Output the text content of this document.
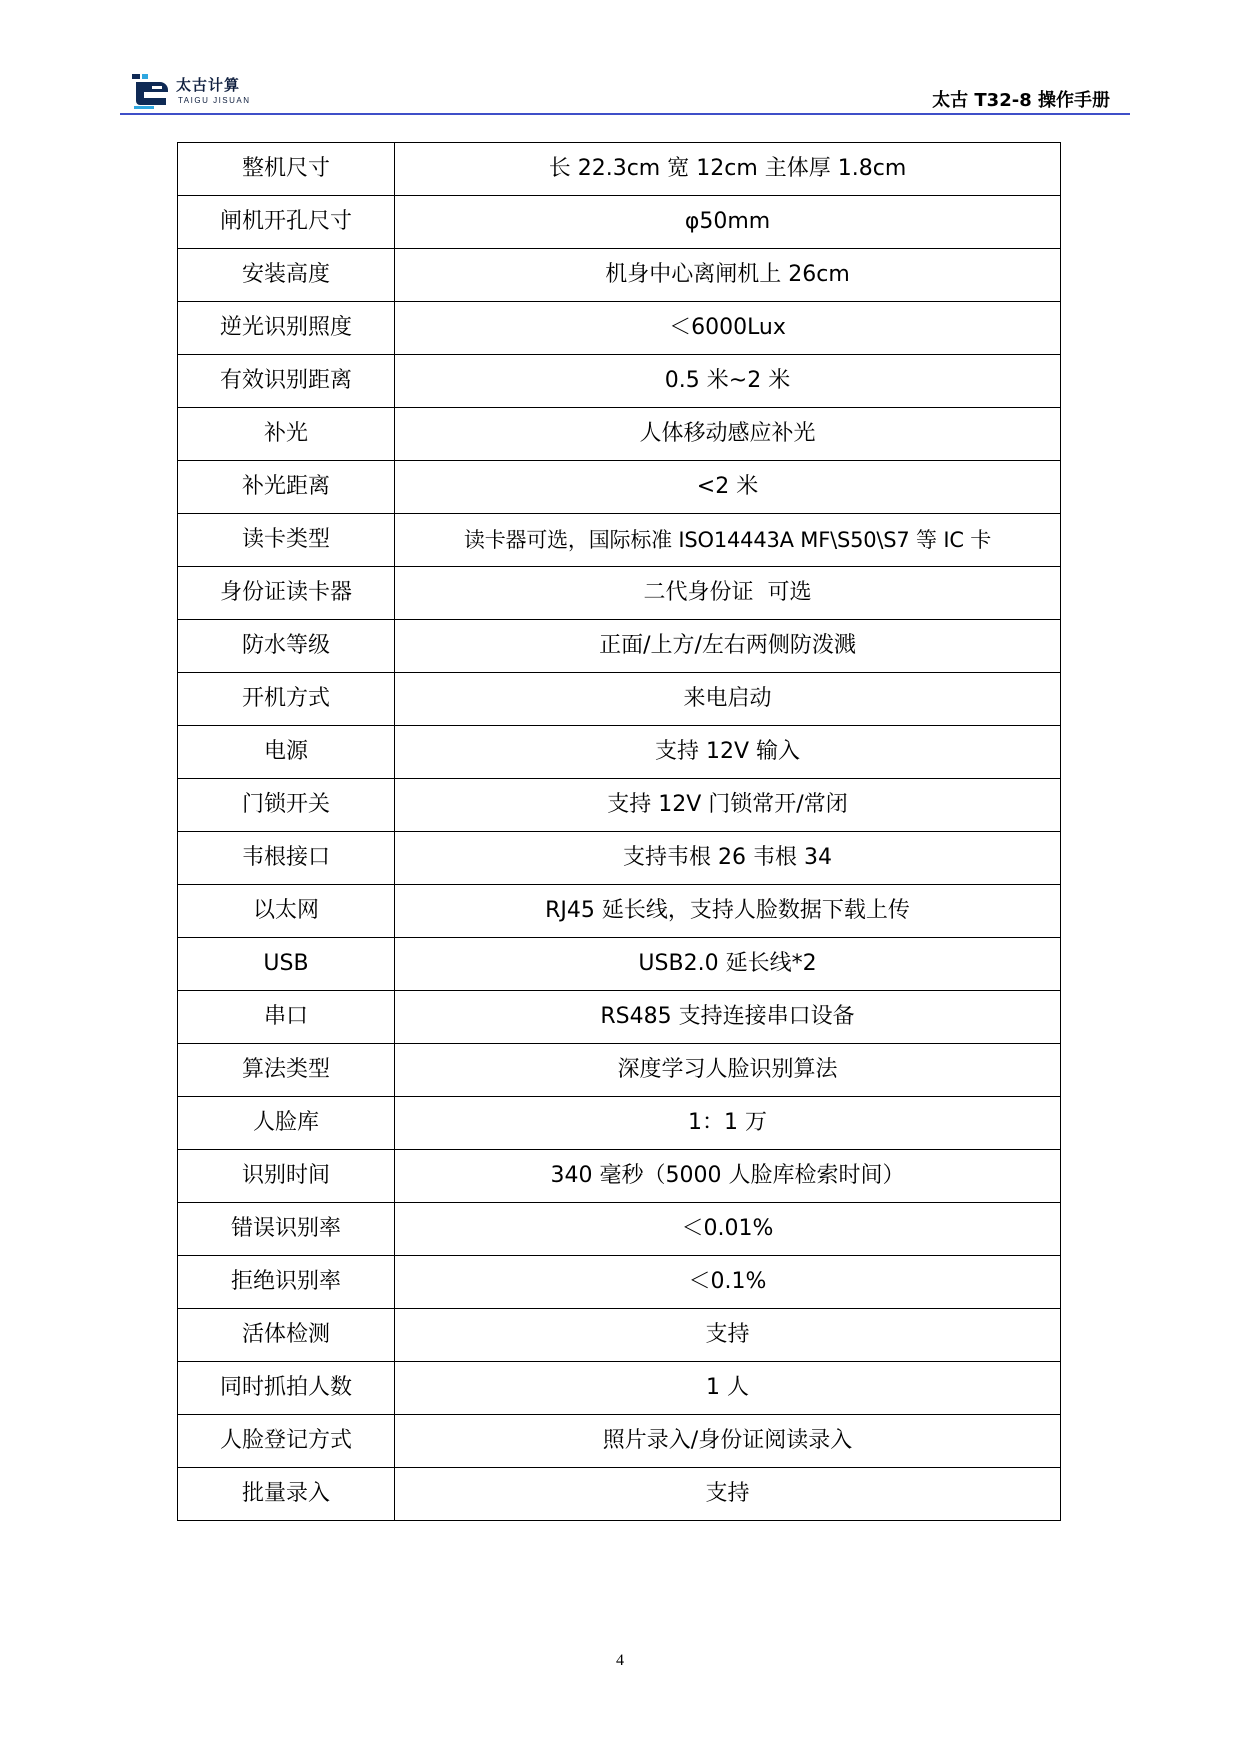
太古计算
TAIGU JISUAN	太古 T32-8 操作手册
整机尺寸	长 22.3cm 宽 12cm 主体厚 1.8cm
闸机开孔尺寸	φ50mm
安装高度	机身中心离闸机上 26cm
逆光识别照度	＜6000Lux
有效识别距离	0.5 米~2 米
补光	人体移动感应补光
补光距离	<2 米
读卡类型	读卡器可选，国际标准 ISO14443A MF\S50\S7 等 IC 卡
身份证读卡器	二代身份证  可选
防水等级	正面/上方/左右两侧防泼溅
开机方式	来电启动
电源	支持 12V 输入
门锁开关	支持 12V 门锁常开/常闭
韦根接口	支持韦根 26 韦根 34
以太网	RJ45 延长线，支持人脸数据下载上传
USB	USB2.0 延长线*2
串口	RS485 支持连接串口设备
算法类型	深度学习人脸识别算法
人脸库	1：1 万
识别时间	340 毫秒（5000 人脸库检索时间）
错误识别率	＜0.01%
拒绝识别率	＜0.1%
活体检测	支持
同时抓拍人数	1 人
人脸登记方式	照片录入/身份证阅读录入
批量录入	支持
4
